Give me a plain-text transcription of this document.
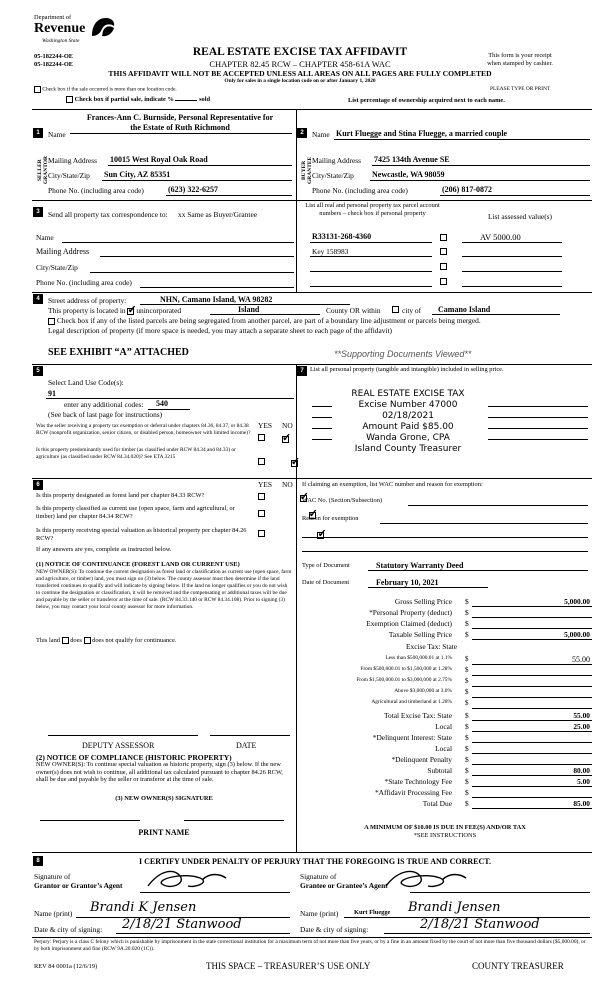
Department of
Revenue
Washington State
05-182244-OE
05-182244-OE
REAL ESTATE EXCISE TAX AFFIDAVIT
CHAPTER 82.45 RCW – CHAPTER 458-61A WAC
This form is your receipt
when stamped by cashier.
THIS AFFIDAVIT WILL NOT BE ACCEPTED UNLESS ALL AREAS ON ALL PAGES ARE FULLY COMPLETED
Only for sales in a single location code on or after January 1, 2020
Check box if the sale occurred is more than one location code.	PLEASE TYPE OR PRINT
Check box if partial sale, indicate %	sold	List percentage of ownership acquired next to each name.
1
SELLER GRANTOR
Name
Frances-Ann C. Burnside, Personal Representative for
the Estate of Ruth Richmond
Mailing Address 10015 West Royal Oak Road
City/State/Zip Sun City, AZ 85351
Phone No. (including area code)	(623) 322-6257
2
BUYER GRANTEE
Name Kurt Fluegge and Stina Fluegge, a married couple
Mailing Address 7425 134th Avenue SE
City/State/Zip Newcastle, WA 98059
Phone No. (including area code)	(206) 817-0872
3	Send all property tax correspondence to: xx Same as Buyer/Grantee
Name
Mailing Address
City/State/Zip
Phone No. (including area code)
List all real and personal property tax parcel account numbers – check box if personal property	List assessed value(s)
R33131-268-4360	AV 5000.00
Key 158983
4	Street address of property:	NHN, Camano Island, WA 98282
This property is located in ✓ unincorporated	Island	County OR within	city of Camano Island
Check box if any of the listed parcels are being segregated from another parcel, are part of a boundary line adjustment or parcels being merged.
Legal description of property (if more space is needed, you may attach a separate sheet to each page of the affidavit)
SEE EXHIBIT “A” ATTACHED	**Supporting Documents Viewed**
5
Select Land Use Code(s):
91
enter any additional codes: 540
(See back of last page for instructions)
YES NO
Was the seller receiving a property tax exemption or deferral under chapters 84.36, 84.37, or 84.38 RCW (nonprofit organization, senior citizen, or disabled person, homeowner with limited income)?
✓
Is this property predominantly used for timber (as classified under RCW 84.34 and 84.33) or agriculture (as classified under RCW 84.34.020)? See ETA 3215
✓
6	YES NO
Is this property designated as forest land per chapter 84.33 RCW?
✓
Is this property classified as current use (open space, farm and agricultural, or timber) land per chapter 84.34 RCW?
✓
Is this property receiving special valuation as historical property per chapter 84.26 RCW?
✓
If any answers are yes, complete as instructed below.
(1) NOTICE OF CONTINUANCE (FOREST LAND OR CURRENT USE)
NEW OWNER(S): To continue the current designation as forest land or classification as current use (open space, farm and agriculture, or timber) land, you must sign on (3) below. The county assessor must then determine if the land transferred continues to qualify and will indicate by signing below. If the land no longer qualifies or you do not wish to continue the designation or classification, it will be removed and the compensating or additional taxes will be due and payable by the seller or transferor at the time of sale. (RCW 84.33.140 or RCW 84.34.108). Prior to signing (3) below, you may contact your local county assessor for more information.
This land does does not qualify for continuance.
DEPUTY ASSESSOR	DATE
(2) NOTICE OF COMPLIANCE (HISTORIC PROPERTY)
NEW OWNER(S): To continue special valuation as historic property, sign (3) below. If the new owner(s) does not wish to continue, all additional tax calculated pursuant to chapter 84.26 RCW, shall be due and payable by the seller or transferor at the time of sale.
(3) NEW OWNER(S) SIGNATURE
PRINT NAME
7 List all personal property (tangible and intangible) included in selling price.
REAL ESTATE EXCISE TAX
Excise Number 47000
02/18/2021
Amount Paid $85.00
Wanda Grone, CPA
Island County Treasurer
If claiming an exemption, list WAC number and reason for exemption:
WAC No. (Section/Subsection)
Reason for exemption
Type of Document	Statutory Warranty Deed
Date of Document	February 10, 2021
Gross Selling Price $	5,000.00
*Personal Property (deduct) $
Exemption Claimed (deduct) $
Taxable Selling Price $	5,000.00
Excise Tax: State
Less than $500,000.01 at 1.1% $	55.00
From $500,000.01 to $1,500,000 at 1.28% $
From $1,500,000.01 to $3,000,000 at 2.75% $
Above $3,000,000 at 3.0% $
Agricultural and timberland at 1.28% $
Total Excise Tax: State $	55.00
Local $	25.00
*Delinquent Interest: State $
Local $
*Delinquent Penalty $
Subtotal $	80.00
*State Technology Fee $	5.00
*Affidavit Processing Fee $
Total Due $	85.00
A MINIMUM OF $10.00 IS DUE IN FEE(S) AND/OR TAX
*SEE INSTRUCTIONS
8	I CERTIFY UNDER PENALTY OF PERJURY THAT THE FOREGOING IS TRUE AND CORRECT.
Signature of
Grantor or Grantor’s Agent
Signature of
Grantee or Grantee’s Agent
Name (print) Brandi K Jensen	Name (print) Kurt Fluegge Brandi Jensen
Date & city of signing: 2/18/21 Stanwood	Date & city of signing:	2/18/21 Stanwood
Perjury: Perjury is a class C felony which is punishable by imprisonment in the state correctional institution for a maximum term of not more than five years, or by a fine in an amount fixed by the court of not more than five thousand dollars ($5,000.00), or by both imprisonment and fine (RCW 9A.20.020 (1C)).
REV 84 0001a (12/6/19)	THIS SPACE – TREASURER’S USE ONLY	COUNTY TREASURER
